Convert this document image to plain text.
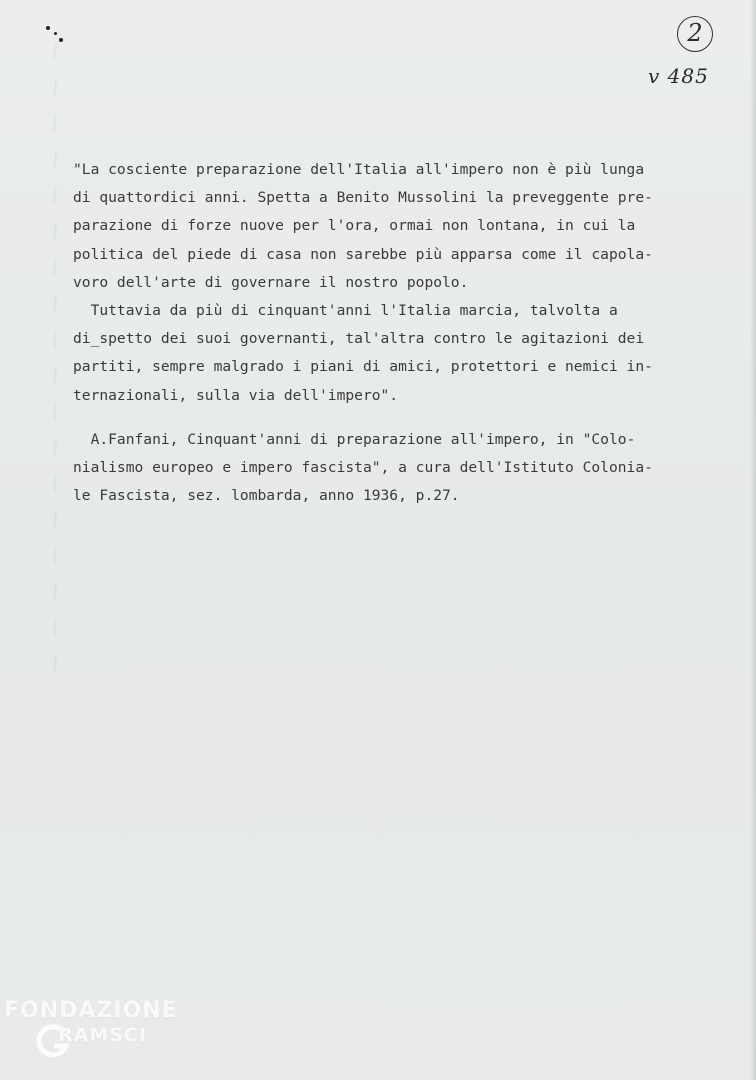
~ ~ ~ ~ ~ ~ ~ ~ ~ ~ ~ ~ ~ ~ ~ ~ ~ ~
2
v 485
"La cosciente preparazione dell'Italia all'impero non è più lunga
di quattordici anni. Spetta a Benito Mussolini la preveggente pre-
parazione di forze nuove per l'ora, ormai non lontana, in cui la
politica del piede di casa non sarebbe più apparsa come il capola-
voro dell'arte di governare il nostro popolo.
Tuttavia da più di cinquant'anni l'Italia marcia, talvolta a
di_spetto dei suoi governanti, tal'altra contro le agitazioni dei
partiti, sempre malgrado i piani di amici, protettori e nemici in-
ternazionali, sulla via dell'impero".
A.Fanfani, Cinquant'anni di preparazione all'impero, in "Colo-
nialismo europeo e impero fascista", a cura dell'Istituto Colonia-
le Fascista, sez. lombarda, anno 1936, p.27.
FONDAZIONE
RAMSCI
